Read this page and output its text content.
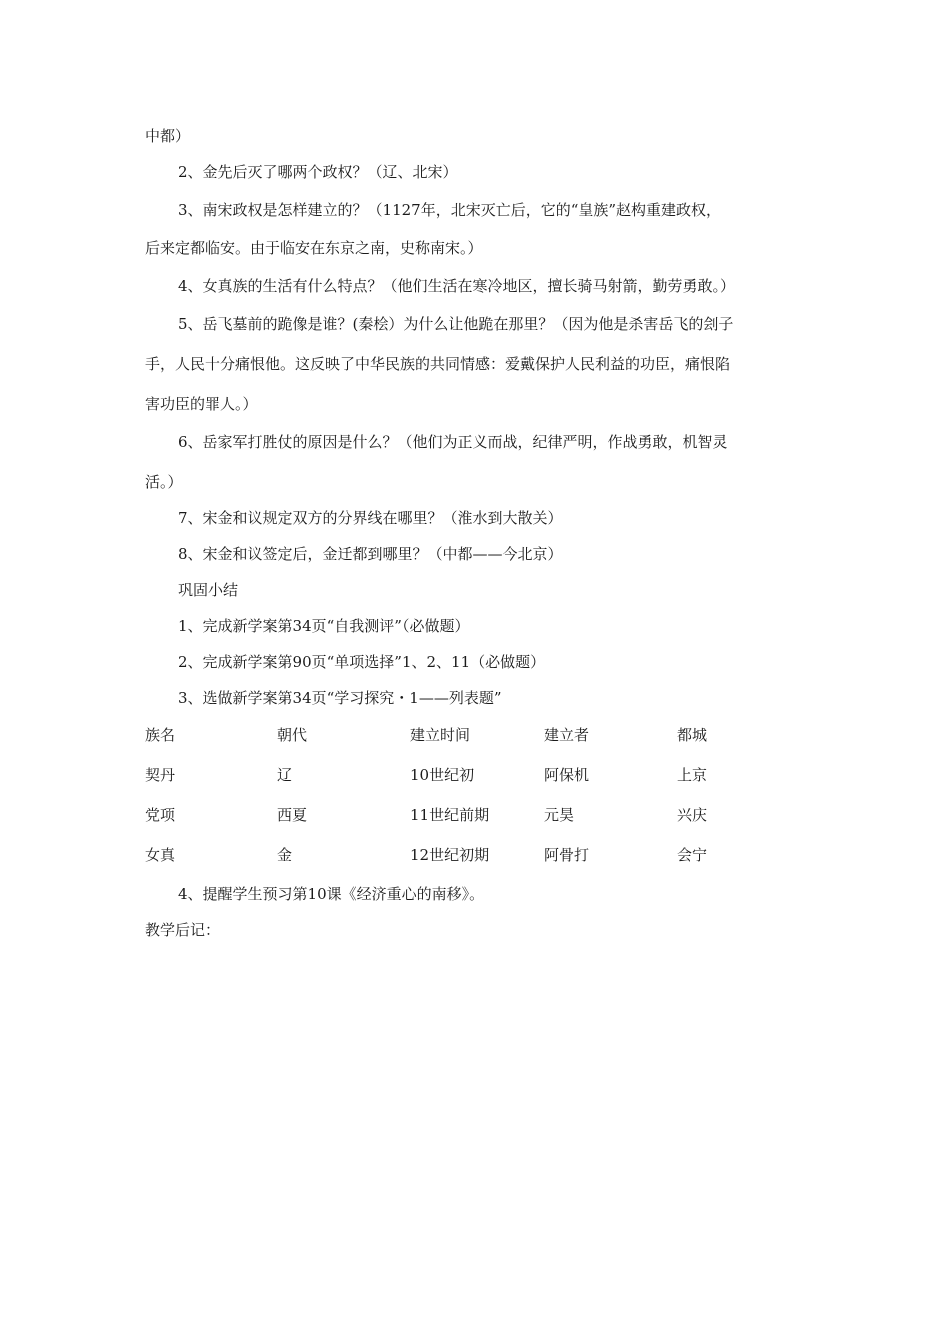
中都）
2、金先后灭了哪两个政权？（辽、北宋）
3、南宋政权是怎样建立的？（1127年，北宋灭亡后，它的“皇族”赵构重建政权，
后来定都临安。由于临安在东京之南，史称南宋。）
4、女真族的生活有什么特点？（他们生活在寒冷地区，擅长骑马射箭，勤劳勇敢。）
5、岳飞墓前的跪像是谁？(秦桧）为什么让他跪在那里？（因为他是杀害岳飞的刽子
手，人民十分痛恨他。这反映了中华民族的共同情感：爱戴保护人民利益的功臣，痛恨陷
害功臣的罪人。）
6、岳家军打胜仗的原因是什么？（他们为正义而战，纪律严明，作战勇敢，机智灵
活。）
7、宋金和议规定双方的分界线在哪里？（淮水到大散关）
8、宋金和议签定后，金迁都到哪里？（中都——今北京）
巩固小结
1、完成新学案第34页“自我测评”（必做题）
2、完成新学案第90页“单项选择”1、2、11（必做题）
3、选做新学案第34页“学习探究・1——列表题”
族名	朝代	建立时间	建立者	都城
契丹	辽	10世纪初	阿保机	上京
党项	西夏	11世纪前期	元昊	兴庆
女真	金	12世纪初期	阿骨打	会宁
4、提醒学生预习第10课《经济重心的南移》。
教学后记：
